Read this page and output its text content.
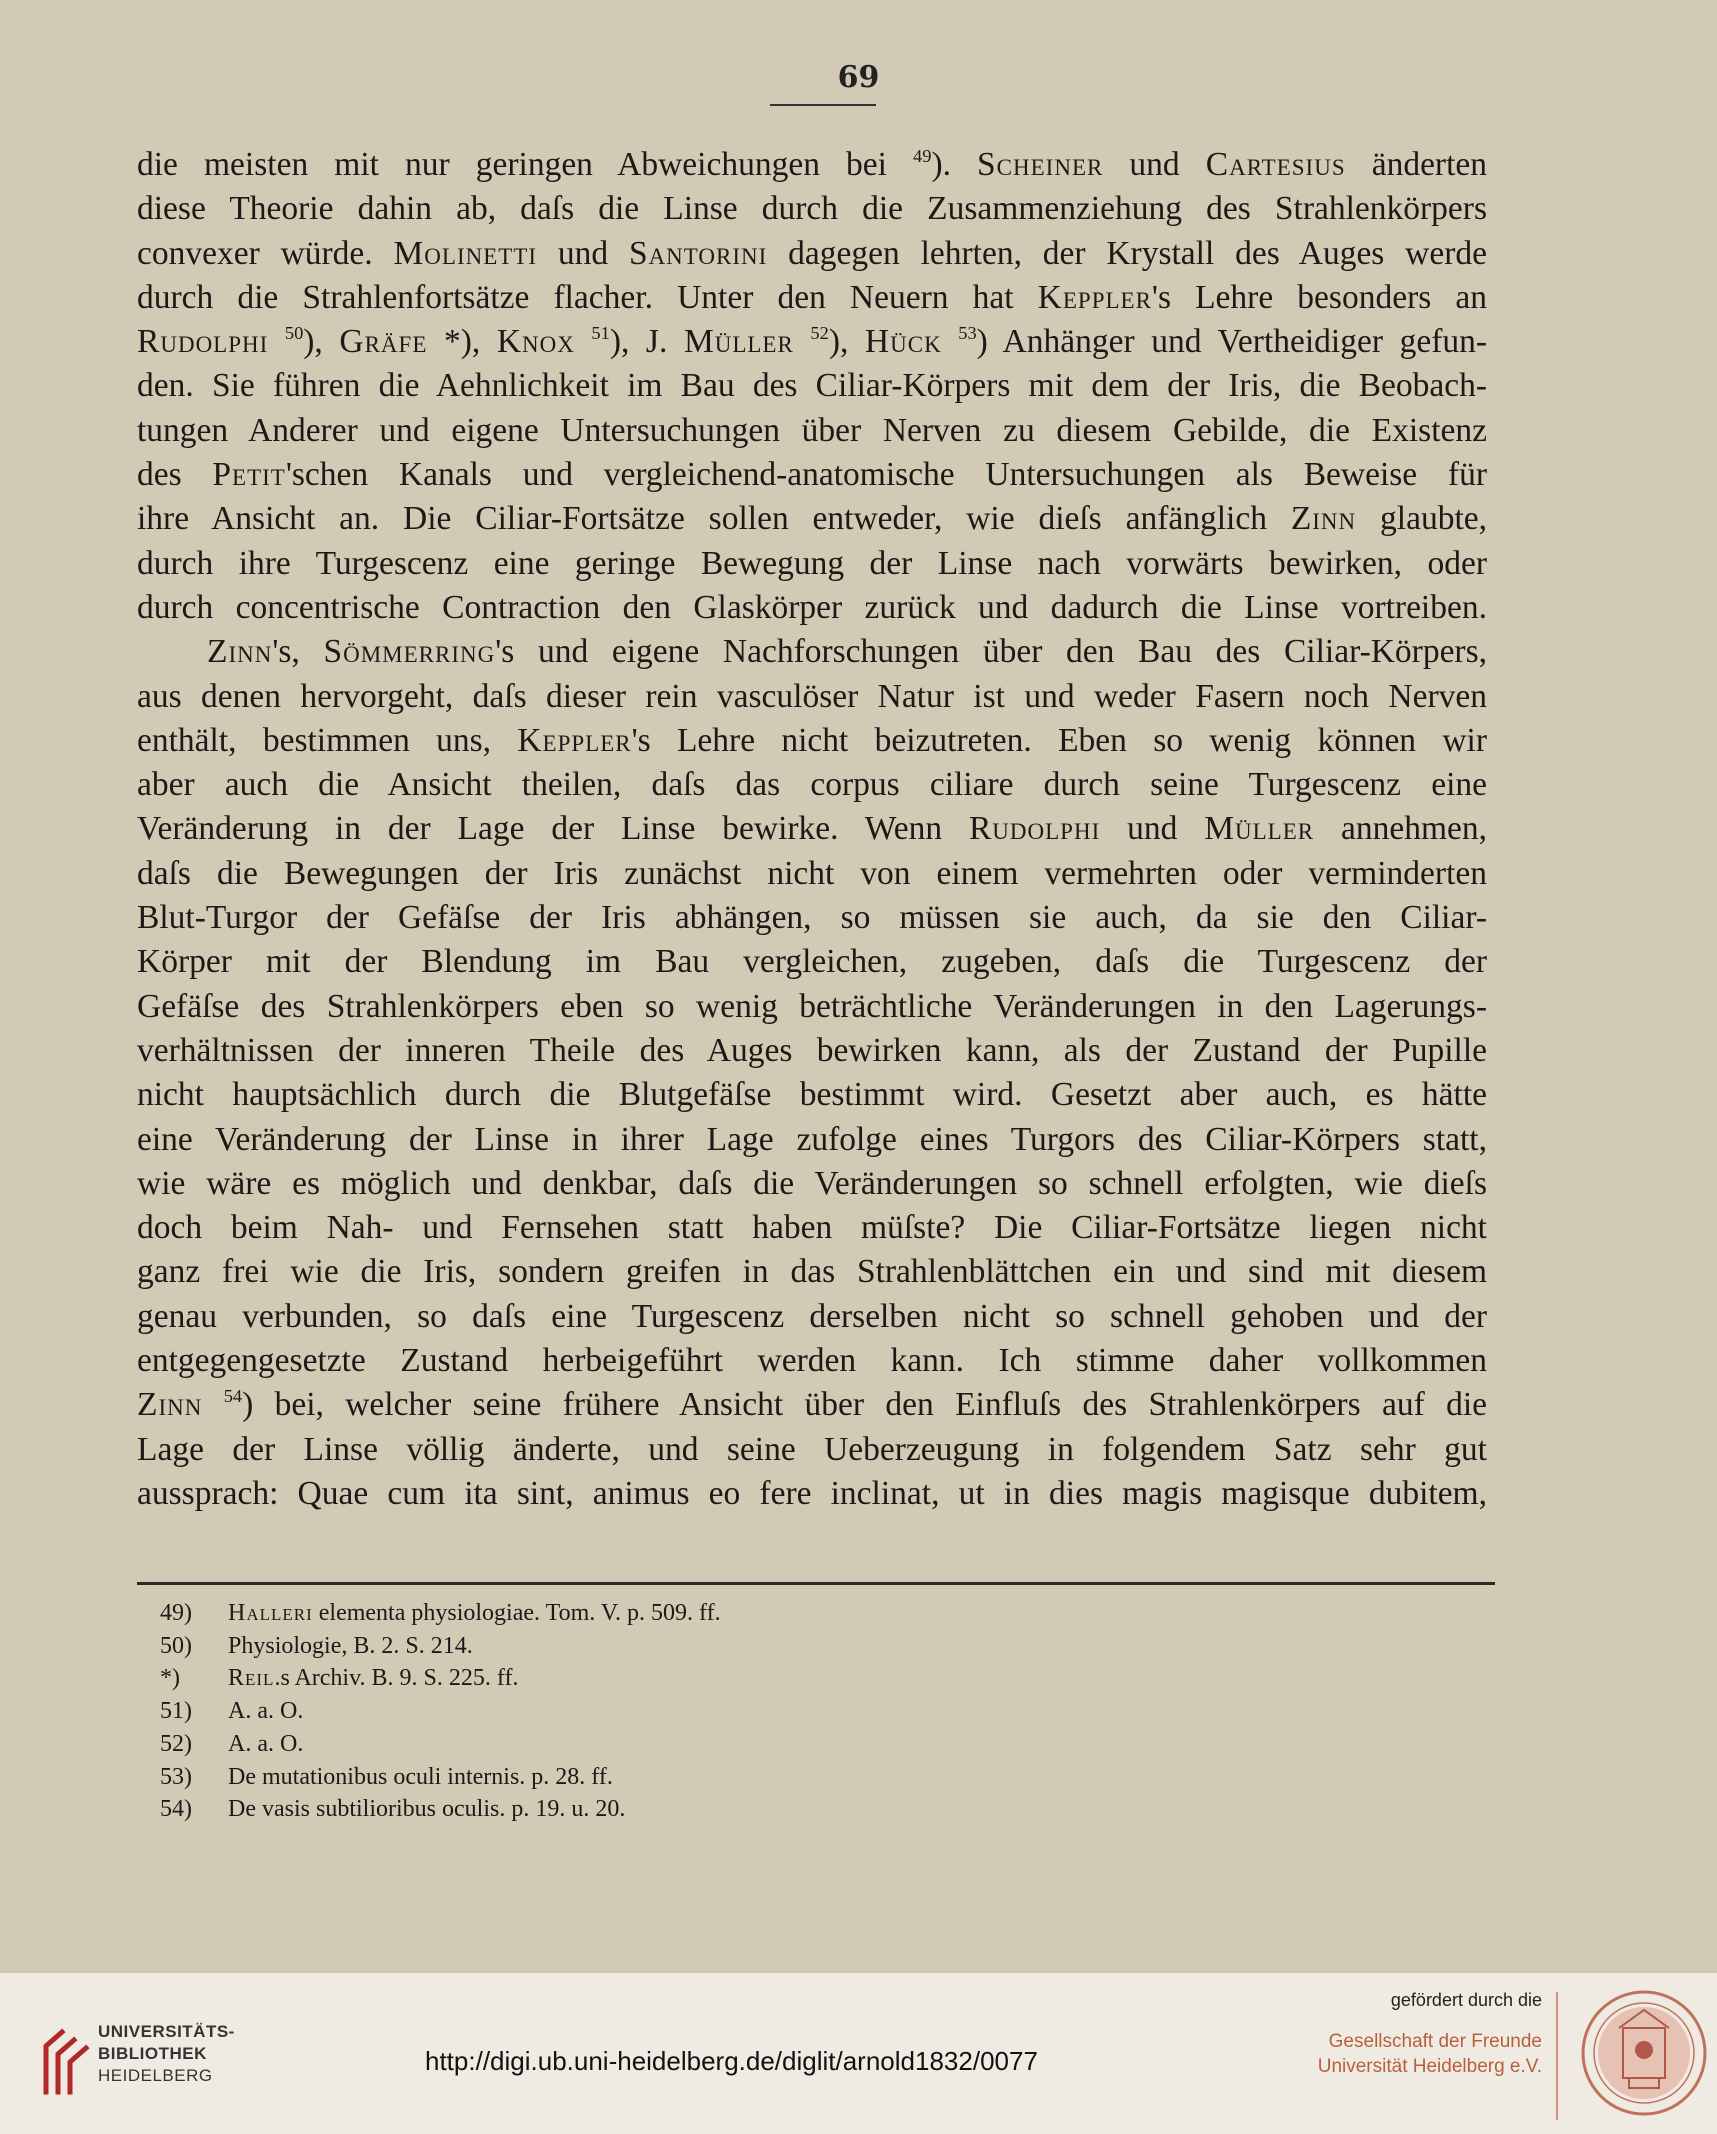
69
die meisten mit nur geringen Abweichungen bei $^{49}$). Scheiner und Cartesius änderten
diese Theorie dahin ab, daſs die Linse durch die Zusammenziehung des Strahlenkörpers
convexer würde. Molinetti und Santorini dagegen lehrten, der Krystall des Auges werde
durch die Strahlenfortsätze flacher. Unter den Neuern hat Keppler's Lehre besonders an
Rudolphi $^{50}$), Gräfe *), Knox $^{51}$), J. Müller $^{52}$), Hück $^{53}$) Anhänger und Vertheidiger gefun-
den. Sie führen die Aehnlichkeit im Bau des Ciliar-Körpers mit dem der Iris, die Beobach-
tungen Anderer und eigene Untersuchungen über Nerven zu diesem Gebilde, die Existenz
des Petit'schen Kanals und vergleichend-anatomische Untersuchungen als Beweise für
ihre Ansicht an. Die Ciliar-Fortsätze sollen entweder, wie dieſs anfänglich Zinn glaubte,
durch ihre Turgescenz eine geringe Bewegung der Linse nach vorwärts bewirken, oder
durch concentrische Contraction den Glaskörper zurück und dadurch die Linse vortreiben.
Zinn's, Sömmerring's und eigene Nachforschungen über den Bau des Ciliar-Körpers,
aus denen hervorgeht, daſs dieser rein vasculöser Natur ist und weder Fasern noch Nerven
enthält, bestimmen uns, Keppler's Lehre nicht beizutreten. Eben so wenig können wir
aber auch die Ansicht theilen, daſs das corpus ciliare durch seine Turgescenz eine
Veränderung in der Lage der Linse bewirke. Wenn Rudolphi und Müller annehmen,
daſs die Bewegungen der Iris zunächst nicht von einem vermehrten oder verminderten
Blut-Turgor der Gefäſse der Iris abhängen, so müssen sie auch, da sie den Ciliar-
Körper mit der Blendung im Bau vergleichen, zugeben, daſs die Turgescenz der
Gefäſse des Strahlenkörpers eben so wenig beträchtliche Veränderungen in den Lagerungs-
verhältnissen der inneren Theile des Auges bewirken kann, als der Zustand der Pupille
nicht hauptsächlich durch die Blutgefäſse bestimmt wird. Gesetzt aber auch, es hätte
eine Veränderung der Linse in ihrer Lage zufolge eines Turgors des Ciliar-Körpers statt,
wie wäre es möglich und denkbar, daſs die Veränderungen so schnell erfolgten, wie dieſs
doch beim Nah- und Fernsehen statt haben müſste? Die Ciliar-Fortsätze liegen nicht
ganz frei wie die Iris, sondern greifen in das Strahlenblättchen ein und sind mit diesem
genau verbunden, so daſs eine Turgescenz derselben nicht so schnell gehoben und der
entgegengesetzte Zustand herbeigeführt werden kann. Ich stimme daher vollkommen
Zinn $^{54}$) bei, welcher seine frühere Ansicht über den Einfluſs des Strahlenkörpers auf die
Lage der Linse völlig änderte, und seine Ueberzeugung in folgendem Satz sehr gut
aussprach: Quae cum ita sint, animus eo fere inclinat, ut in dies magis magisque dubitem,
49) Halleri elementa physiologiae. Tom. V. p. 509. ff.
50) Physiologie, B. 2. S. 214.
*) Reil.s Archiv. B. 9. S. 225. ff.
51) A. a. O.
52) A. a. O.
53) De mutationibus oculi internis. p. 28. ff.
54) De vasis subtilioribus oculis. p. 19. u. 20.
UNIVERSITÄTS-
BIBLIOTHEK
HEIDELBERG	http://digi.ub.uni-heidelberg.de/diglit/arnold1832/0077
gefördert durch die
Gesellschaft der Freunde
Universität Heidelberg e.V.
